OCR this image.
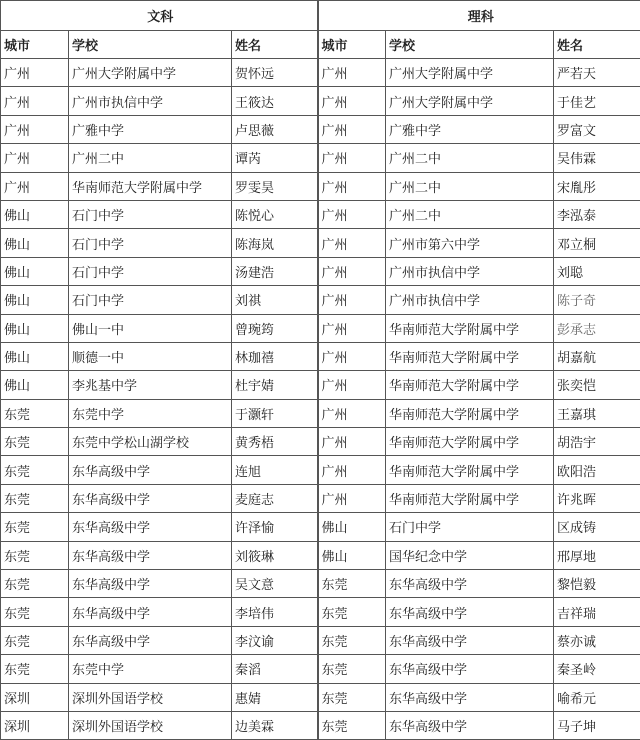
文科			理科		
城市	学校	姓名	城市	学校	姓名
广州	广州大学附属中学	贺怀远	广州	广州大学附属中学	严若天
广州	广州市执信中学	王筱达	广州	广州大学附属中学	于佳艺
广州	广雅中学	卢思薇	广州	广雅中学	罗富文
广州	广州二中	谭芮	广州	广州二中	吴伟霖
广州	华南师范大学附属中学	罗雯昊	广州	广州二中	宋胤彤
佛山	石门中学	陈悦心	广州	广州二中	李泓泰
佛山	石门中学	陈海岚	广州	广州市第六中学	邓立桐
佛山	石门中学	汤建浩	广州	广州市执信中学	刘聪
佛山	石门中学	刘祺	广州	广州市执信中学	陈子奇
佛山	佛山一中	曾琬筠	广州	华南师范大学附属中学	彭承志
佛山	顺德一中	林珈禧	广州	华南师范大学附属中学	胡嘉航
佛山	李兆基中学	杜宇婧	广州	华南师范大学附属中学	张奕恺
东莞	东莞中学	于灏轩	广州	华南师范大学附属中学	王嘉琪
东莞	东莞中学松山湖学校	黄秀梧	广州	华南师范大学附属中学	胡浩宇
东莞	东华高级中学	连旭	广州	华南师范大学附属中学	欧阳浩
东莞	东华高级中学	麦庭志	广州	华南师范大学附属中学	许兆晖
东莞	东华高级中学	许泽愉	佛山	石门中学	区成铸
东莞	东华高级中学	刘筱琳	佛山	国华纪念中学	邢厚地
东莞	东华高级中学	吴文意	东莞	东华高级中学	黎恺毅
东莞	东华高级中学	李培伟	东莞	东华高级中学	吉祥瑞
东莞	东华高级中学	李汶谕	东莞	东华高级中学	蔡亦诚
东莞	东莞中学	秦滔	东莞	东华高级中学	秦圣岭
深圳	深圳外国语学校	惠婧	东莞	东华高级中学	喻希元
深圳	深圳外国语学校	边美霖	东莞	东华高级中学	马子坤
